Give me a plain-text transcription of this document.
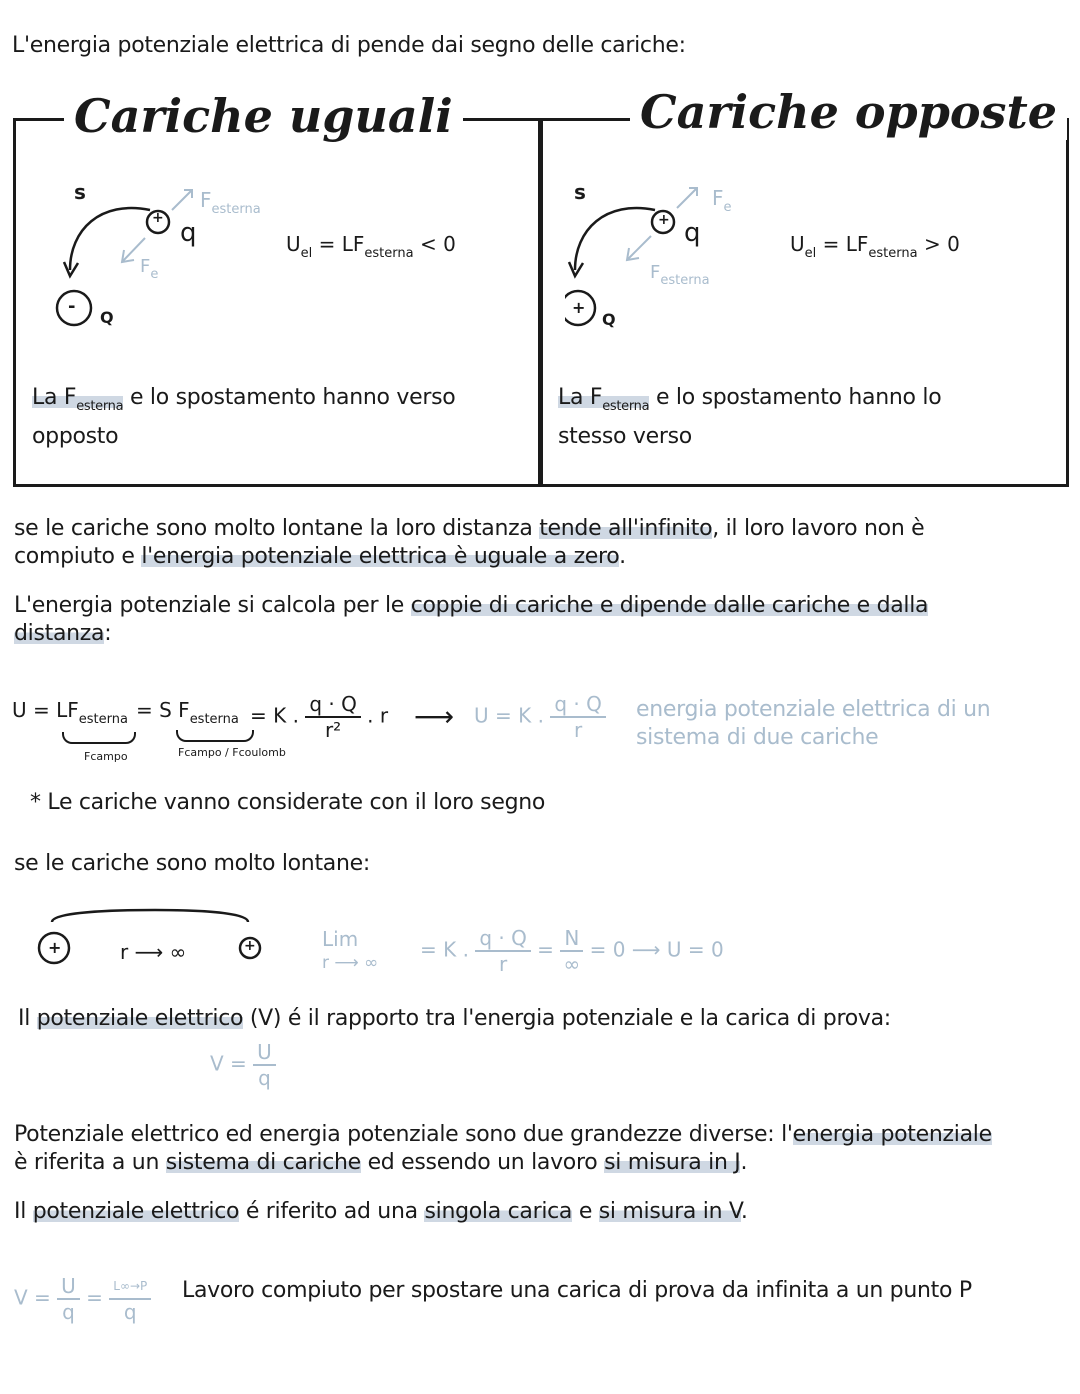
L'energia potenziale elettrica di pende dai segno delle cariche:
Cariche uguali	Cariche opposte
+
-
s
q
Q
$F_{esterna}$
$F_e$
$U_{el} = LF_{esterna} < 0$
La $F_{esterna}$ e lo spostamento hanno verso
opposto
+
+
s
q
Q
$F_e$
$F_{esterna}$
$U_{el} = LF_{esterna} > 0$
La $F_{esterna}$ e lo spostamento hanno lo
stesso verso
se le cariche sono molto lontane la loro distanza tende all'infinito, il loro lavoro non è
compiuto e l'energia potenziale elettrica è uguale a zero.
L'energia potenziale si calcola per le coppie di cariche e dipende dalle cariche e dalla
distanza:
$U = LF_{esterna}$
Fcampo
= S $F_{esterna}$
Fcampo / Fcoulomb
= K . $\frac{q \cdot Q}{\text{r²}}$ . r ⟶ U = K . $\frac{q \cdot Q}{r}$ energia potenziale elettrica di un
sistema di due cariche
* Le cariche vanno considerate con il loro segno
se le cariche sono molto lontane:
+	+
r ⟶ ∞
Lim
r ⟶ ∞
= K . $\frac{q \cdot Q}{r} = \frac{N}{\infty} = 0$ ⟶ U = 0
Il potenziale elettrico (V) é il rapporto tra l'energia potenziale e la carica di prova:
$V = \frac{U}{q}$
Potenziale elettrico ed energia potenziale sono due grandezze diverse: l'energia potenziale
è riferita a un sistema di cariche ed essendo un lavoro si misura in J.
Il potenziale elettrico é riferito ad una singola carica e si misura in V.
$V = \frac{U}{q} = \frac{L\infty\to P}{q}$ Lavoro compiuto per spostare una carica di prova da infinita a un punto P
